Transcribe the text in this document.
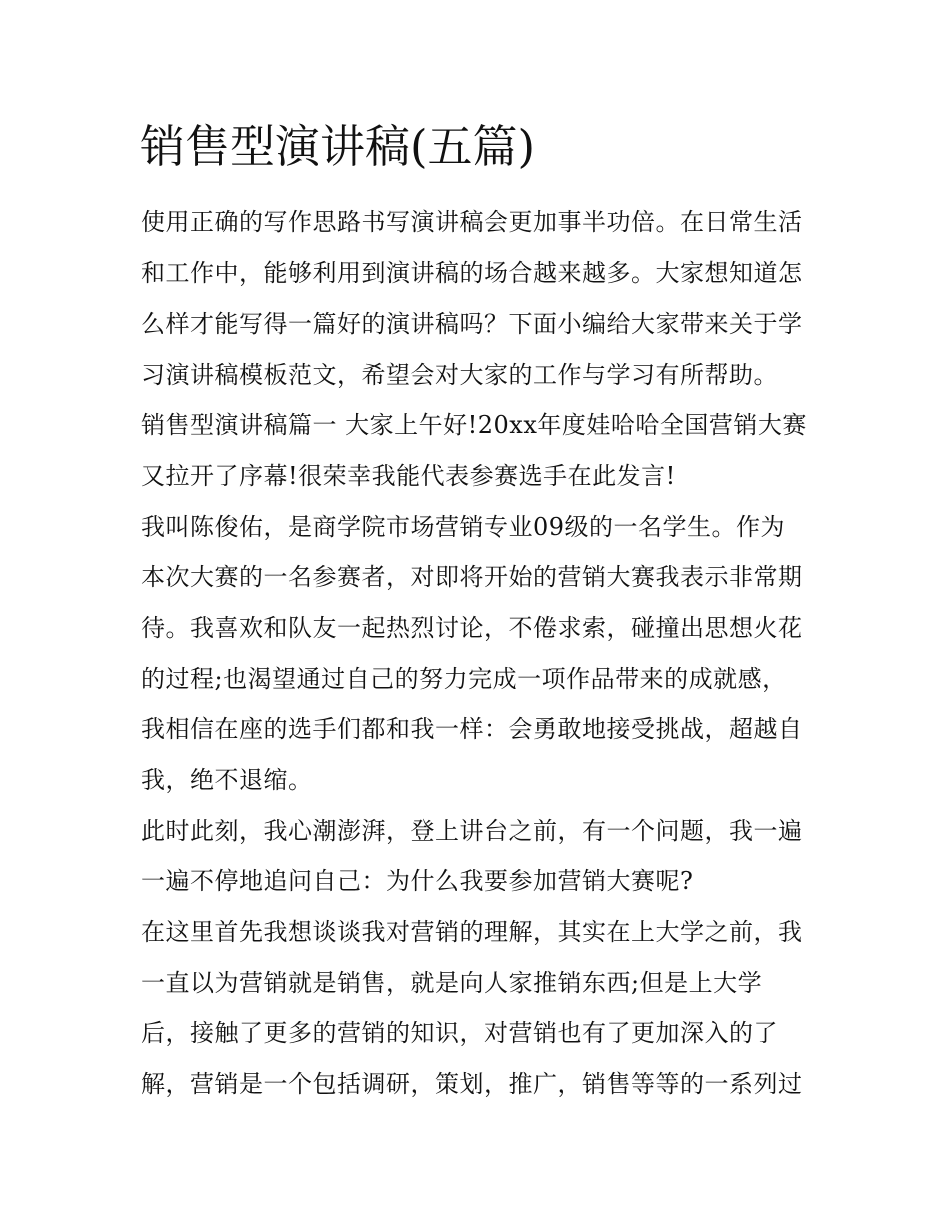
销售型演讲稿(五篇)
使用正确的写作思路书写演讲稿会更加事半功倍。在日常生活
和工作中，能够利用到演讲稿的场合越来越多。大家想知道怎
么样才能写得一篇好的演讲稿吗？下面小编给大家带来关于学
习演讲稿模板范文，希望会对大家的工作与学习有所帮助。
销售型演讲稿篇一 大家上午好!20xx年度娃哈哈全国营销大赛
又拉开了序幕!很荣幸我能代表参赛选手在此发言!
我叫陈俊佑，是商学院市场营销专业09级的一名学生。作为
本次大赛的一名参赛者，对即将开始的营销大赛我表示非常期
待。我喜欢和队友一起热烈讨论，不倦求索，碰撞出思想火花
的过程;也渴望通过自己的努力完成一项作品带来的成就感，
我相信在座的选手们都和我一样：会勇敢地接受挑战，超越自
我，绝不退缩。
此时此刻，我心潮澎湃，登上讲台之前，有一个问题，我一遍
一遍不停地追问自己：为什么我要参加营销大赛呢?
在这里首先我想谈谈我对营销的理解，其实在上大学之前，我
一直以为营销就是销售，就是向人家推销东西;但是上大学
后，接触了更多的营销的知识，对营销也有了更加深入的了
解，营销是一个包括调研，策划，推广，销售等等的一系列过
